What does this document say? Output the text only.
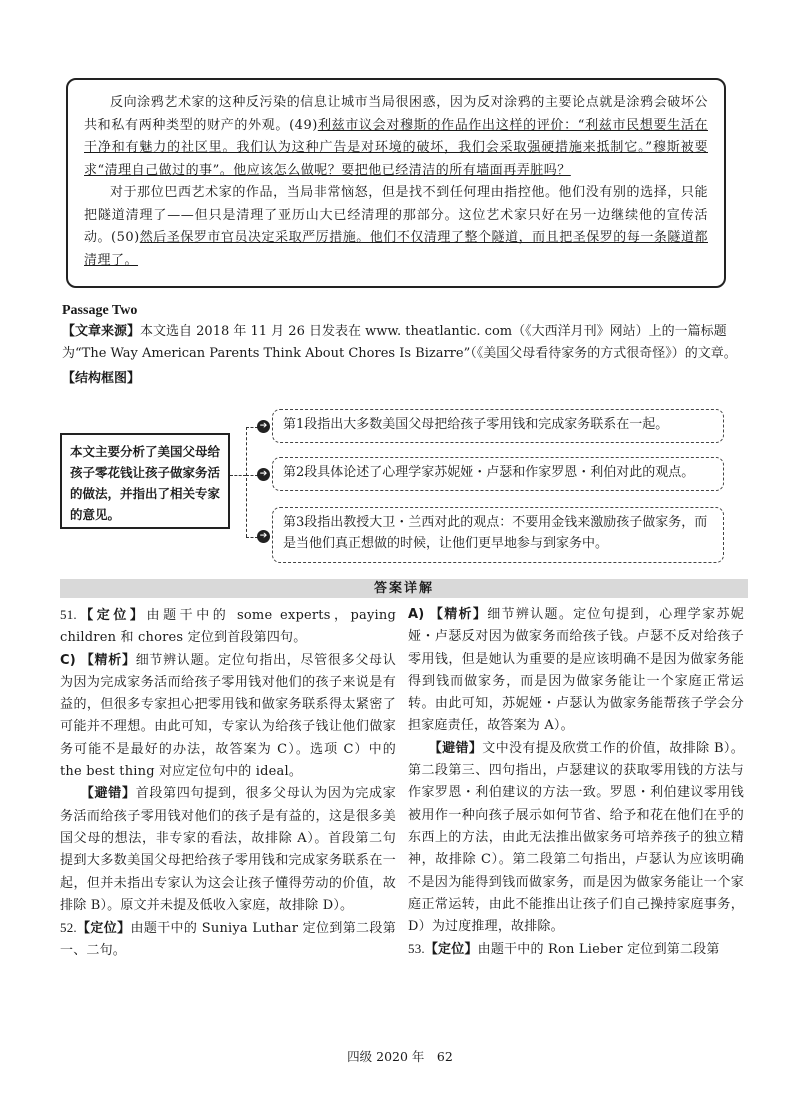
反向涂鸦艺术家的这种反污染的信息让城市当局很困惑，因为反对涂鸦的主要论点就是涂鸦会破坏公共和私有两种类型的财产的外观。(49)利兹市议会对穆斯的作品作出这样的评价：“利兹市民想要生活在干净和有魅力的社区里。我们认为这种广告是对环境的破坏，我们会采取强硬措施来抵制它。”穆斯被要求“清理自己做过的事”。他应该怎么做呢？要把他已经清洁的所有墙面再弄脏吗？

对于那位巴西艺术家的作品，当局非常恼怒，但是找不到任何理由指控他。他们没有别的选择，只能把隧道清理了——但只是清理了亚历山大已经清理的那部分。这位艺术家只好在另一边继续他的宣传活动。(50)然后圣保罗市官员决定采取严厉措施。他们不仅清理了整个隧道，而且把圣保罗的每一条隧道都清理了。

Passage Two
【文章来源】本文选自 2018 年 11 月 26 日发表在 www. theatlantic. com（《大西洋月刊》网站）上的一篇标题为“The Way American Parents Think About Chores Is Bizarre”（《美国父母看待家务的方式很奇怪》）的文章。
【结构框图】
本文主要分析了美国父母给孩子零花钱让孩子做家务活的做法，并指出了相关专家的意见。
➔
➔
➔
第1段指出大多数美国父母把给孩子零用钱和完成家务联系在一起。
第2段具体论述了心理学家苏妮娅・卢瑟和作家罗恩・利伯对此的观点。
第3段指出教授大卫・兰西对此的观点：不要用金钱来激励孩子做家务，而是当他们真正想做的时候，让他们更早地参与到家务中。
答案详解

51.【定位】由题干中的 some experts，paying children 和 chores 定位到首段第四句。

C) 【精析】细节辨认题。定位句指出，尽管很多父母认为因为完成家务活而给孩子零用钱对他们的孩子来说是有益的，但很多专家担心把零用钱和做家务联系得太紧密了可能并不理想。由此可知，专家认为给孩子钱让他们做家务可能不是最好的办法，故答案为 C）。选项 C）中的 the best thing 对应定位句中的 ideal。

【避错】首段第四句提到，很多父母认为因为完成家务活而给孩子零用钱对他们的孩子是有益的，这是很多美国父母的想法，非专家的看法，故排除 A）。首段第二句提到大多数美国父母把给孩子零用钱和完成家务联系在一起，但并未指出专家认为这会让孩子懂得劳动的价值，故排除 B）。原文并未提及低收入家庭，故排除 D）。

52.【定位】由题干中的 Suniya Luthar 定位到第二段第一、二句。

A) 【精析】细节辨认题。定位句提到，心理学家苏妮娅・卢瑟反对因为做家务而给孩子钱。卢瑟不反对给孩子零用钱，但是她认为重要的是应该明确不是因为做家务能得到钱而做家务，而是因为做家务能让一个家庭正常运转。由此可知，苏妮娅・卢瑟认为做家务能帮孩子学会分担家庭责任，故答案为 A）。

【避错】文中没有提及欣赏工作的价值，故排除 B）。第二段第三、四句指出，卢瑟建议的获取零用钱的方法与作家罗恩・利伯建议的方法一致。罗恩・利伯建议零用钱被用作一种向孩子展示如何节省、给予和花在他们在乎的东西上的方法，由此无法推出做家务可培养孩子的独立精神，故排除 C）。第二段第二句指出，卢瑟认为应该明确不是因为能得到钱而做家务，而是因为做家务能让一个家庭正常运转，由此不能推出让孩子们自己操持家庭事务，D）为过度推理，故排除。

53.【定位】由题干中的 Ron Lieber 定位到第二段第

四级 2020 年　62
